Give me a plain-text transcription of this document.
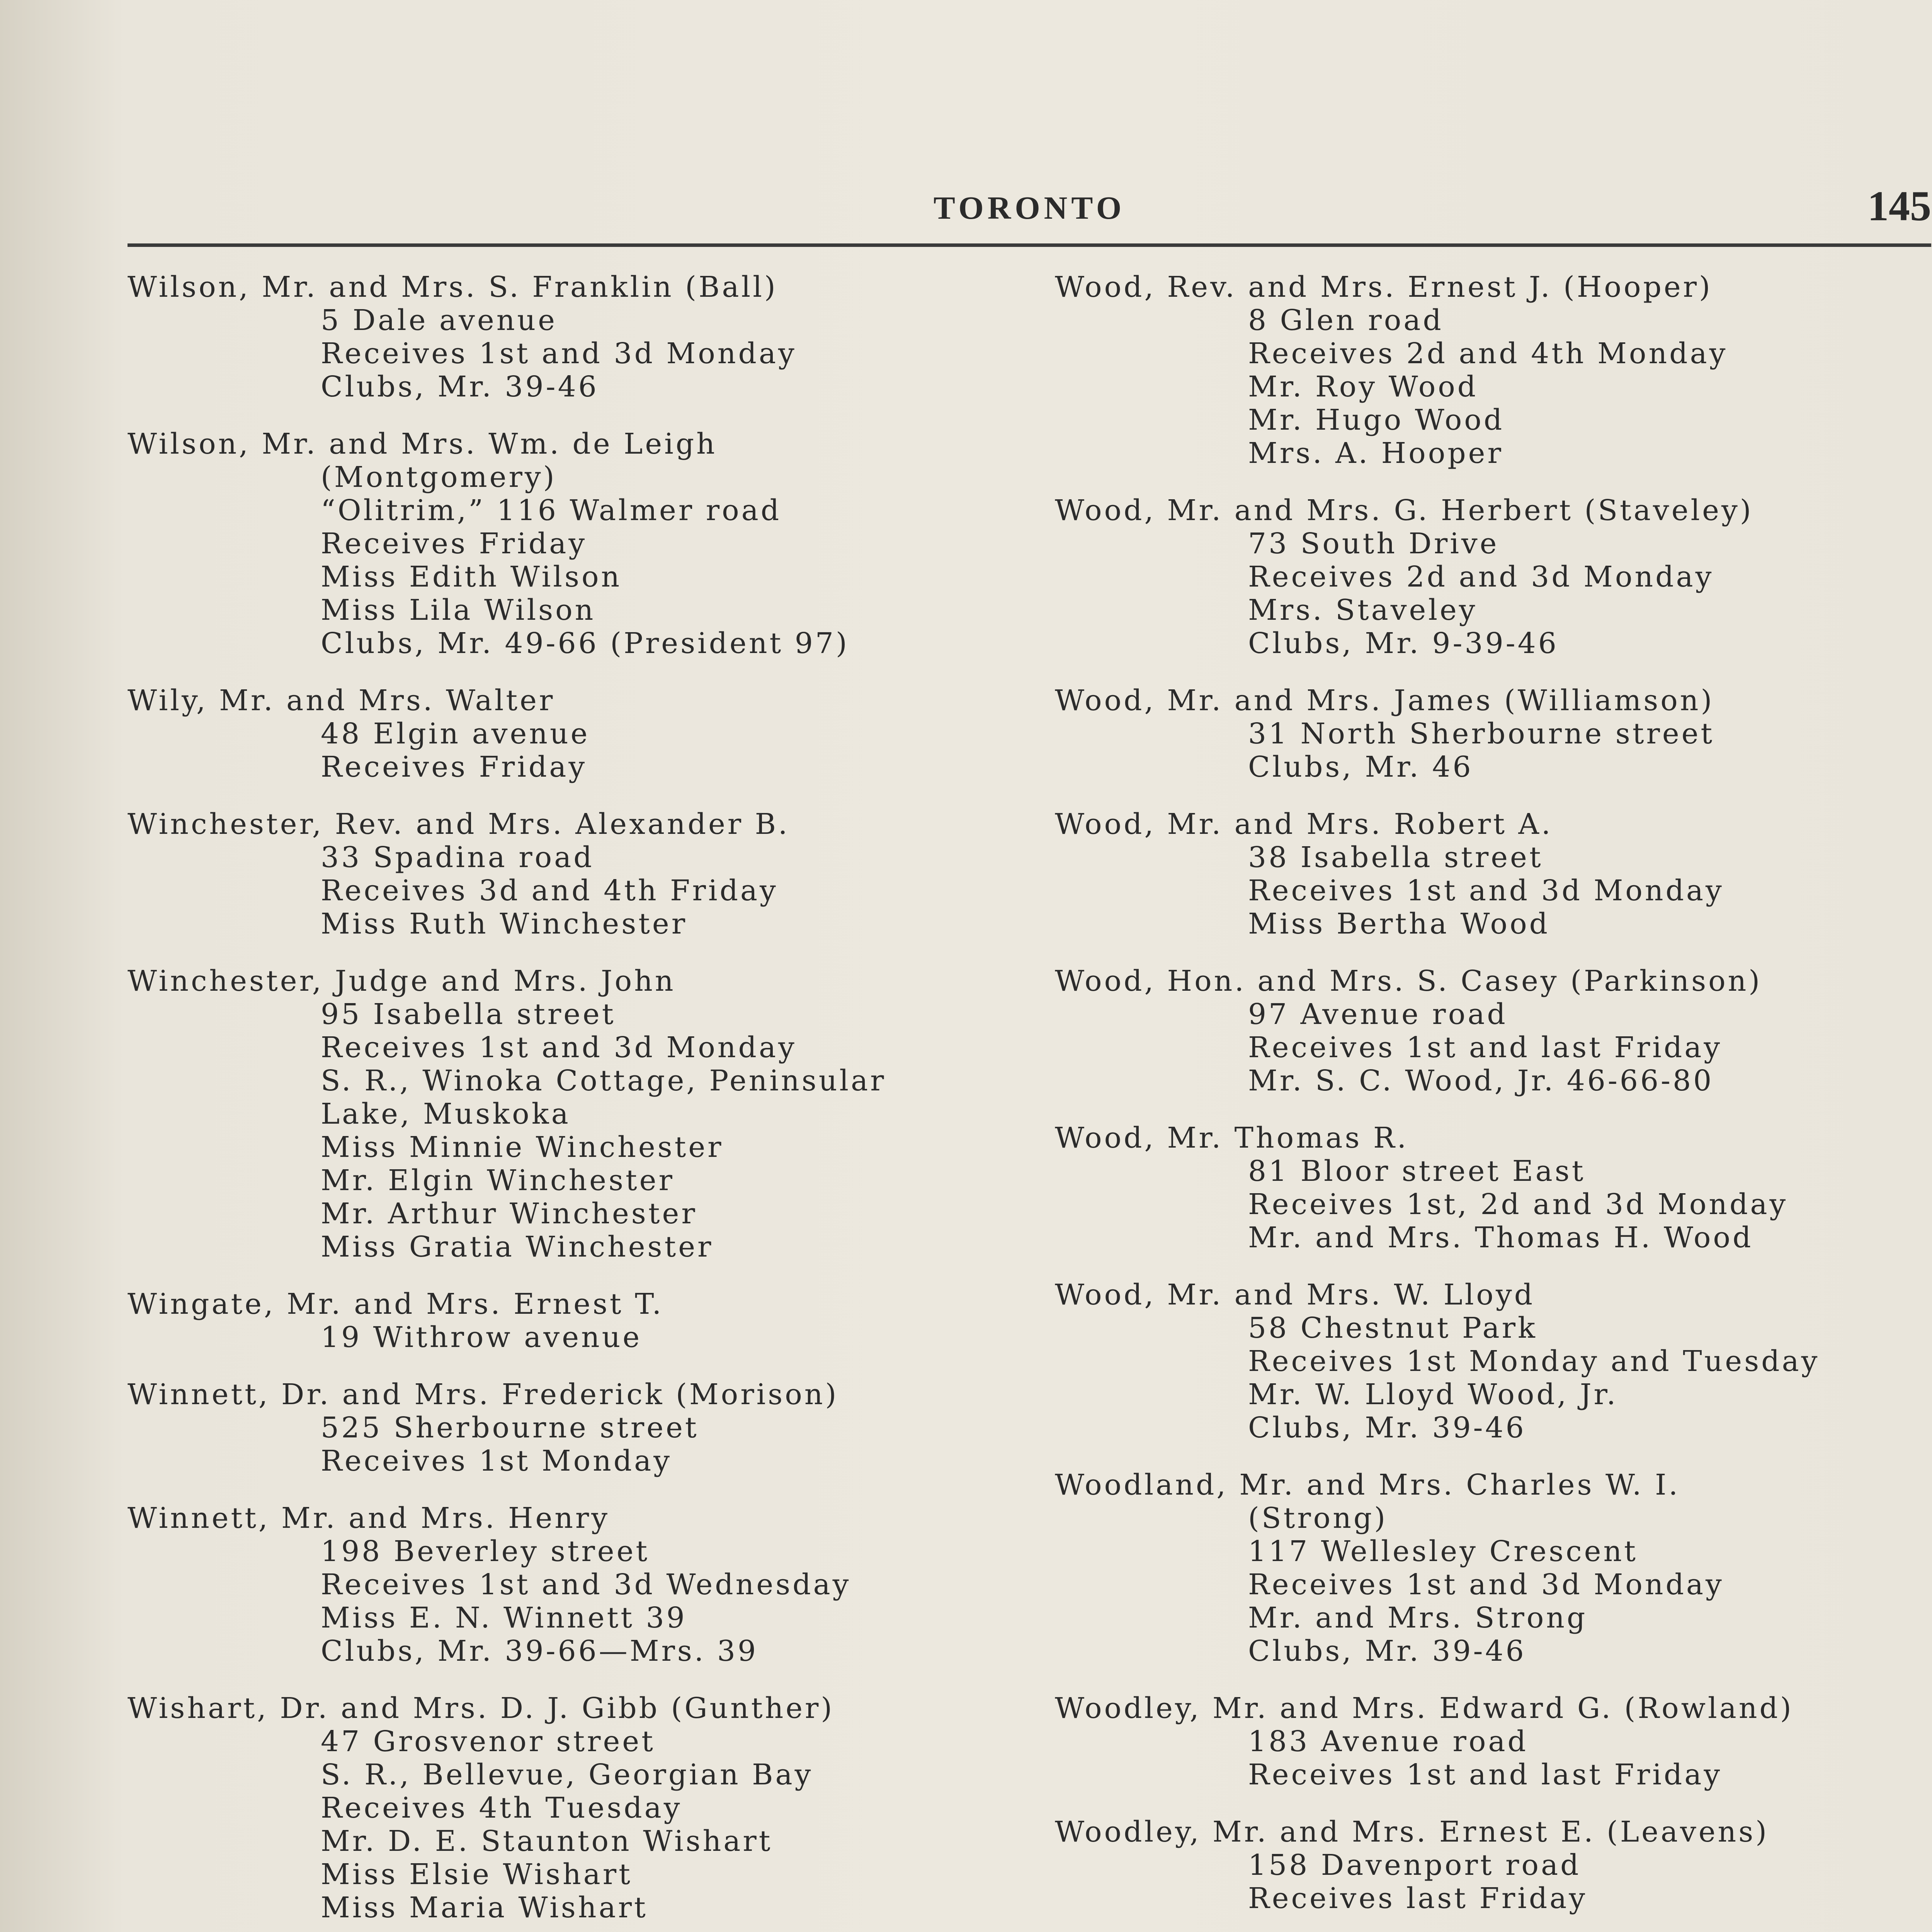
TORONTO	145
Wilson, Mr. and Mrs. S. Franklin (Ball)
5 Dale avenue
Receives 1st and 3d Monday
Clubs, Mr. 39-46
Wilson, Mr. and Mrs. Wm. de Leigh
(Montgomery)
“Olitrim,” 116 Walmer road
Receives Friday
Miss Edith Wilson
Miss Lila Wilson
Clubs, Mr. 49-66 (President 97)
Wily, Mr. and Mrs. Walter
48 Elgin avenue
Receives Friday
Winchester, Rev. and Mrs. Alexander B.
33 Spadina road
Receives 3d and 4th Friday
Miss Ruth Winchester
Winchester, Judge and Mrs. John
95 Isabella street
Receives 1st and 3d Monday
S. R., Winoka Cottage, Peninsular
Lake, Muskoka
Miss Minnie Winchester
Mr. Elgin Winchester
Mr. Arthur Winchester
Miss Gratia Winchester
Wingate, Mr. and Mrs. Ernest T.
19 Withrow avenue
Winnett, Dr. and Mrs. Frederick (Morison)
525 Sherbourne street
Receives 1st Monday
Winnett, Mr. and Mrs. Henry
198 Beverley street
Receives 1st and 3d Wednesday
Miss E. N. Winnett 39
Clubs, Mr. 39-66—Mrs. 39
Wishart, Dr. and Mrs. D. J. Gibb (Gunther)
47 Grosvenor street
S. R., Bellevue, Georgian Bay
Receives 4th Tuesday
Mr. D. E. Staunton Wishart
Miss Elsie Wishart
Miss Maria Wishart
Wood, Rev. and Mrs. Ernest J. (Hooper)
8 Glen road
Receives 2d and 4th Monday
Mr. Roy Wood
Mr. Hugo Wood
Mrs. A. Hooper
Wood, Mr. and Mrs. G. Herbert (Staveley)
73 South Drive
Receives 2d and 3d Monday
Mrs. Staveley
Clubs, Mr. 9-39-46
Wood, Mr. and Mrs. James (Williamson)
31 North Sherbourne street
Clubs, Mr. 46
Wood, Mr. and Mrs. Robert A.
38 Isabella street
Receives 1st and 3d Monday
Miss Bertha Wood
Wood, Hon. and Mrs. S. Casey (Parkinson)
97 Avenue road
Receives 1st and last Friday
Mr. S. C. Wood, Jr. 46-66-80
Wood, Mr. Thomas R.
81 Bloor street East
Receives 1st, 2d and 3d Monday
Mr. and Mrs. Thomas H. Wood
Wood, Mr. and Mrs. W. Lloyd
58 Chestnut Park
Receives 1st Monday and Tuesday
Mr. W. Lloyd Wood, Jr.
Clubs, Mr. 39-46
Woodland, Mr. and Mrs. Charles W. I.
(Strong)
117 Wellesley Crescent
Receives 1st and 3d Monday
Mr. and Mrs. Strong
Clubs, Mr. 39-46
Woodley, Mr. and Mrs. Edward G. (Rowland)
183 Avenue road
Receives 1st and last Friday
Woodley, Mr. and Mrs. Ernest E. (Leavens)
158 Davenport road
Receives last Friday
